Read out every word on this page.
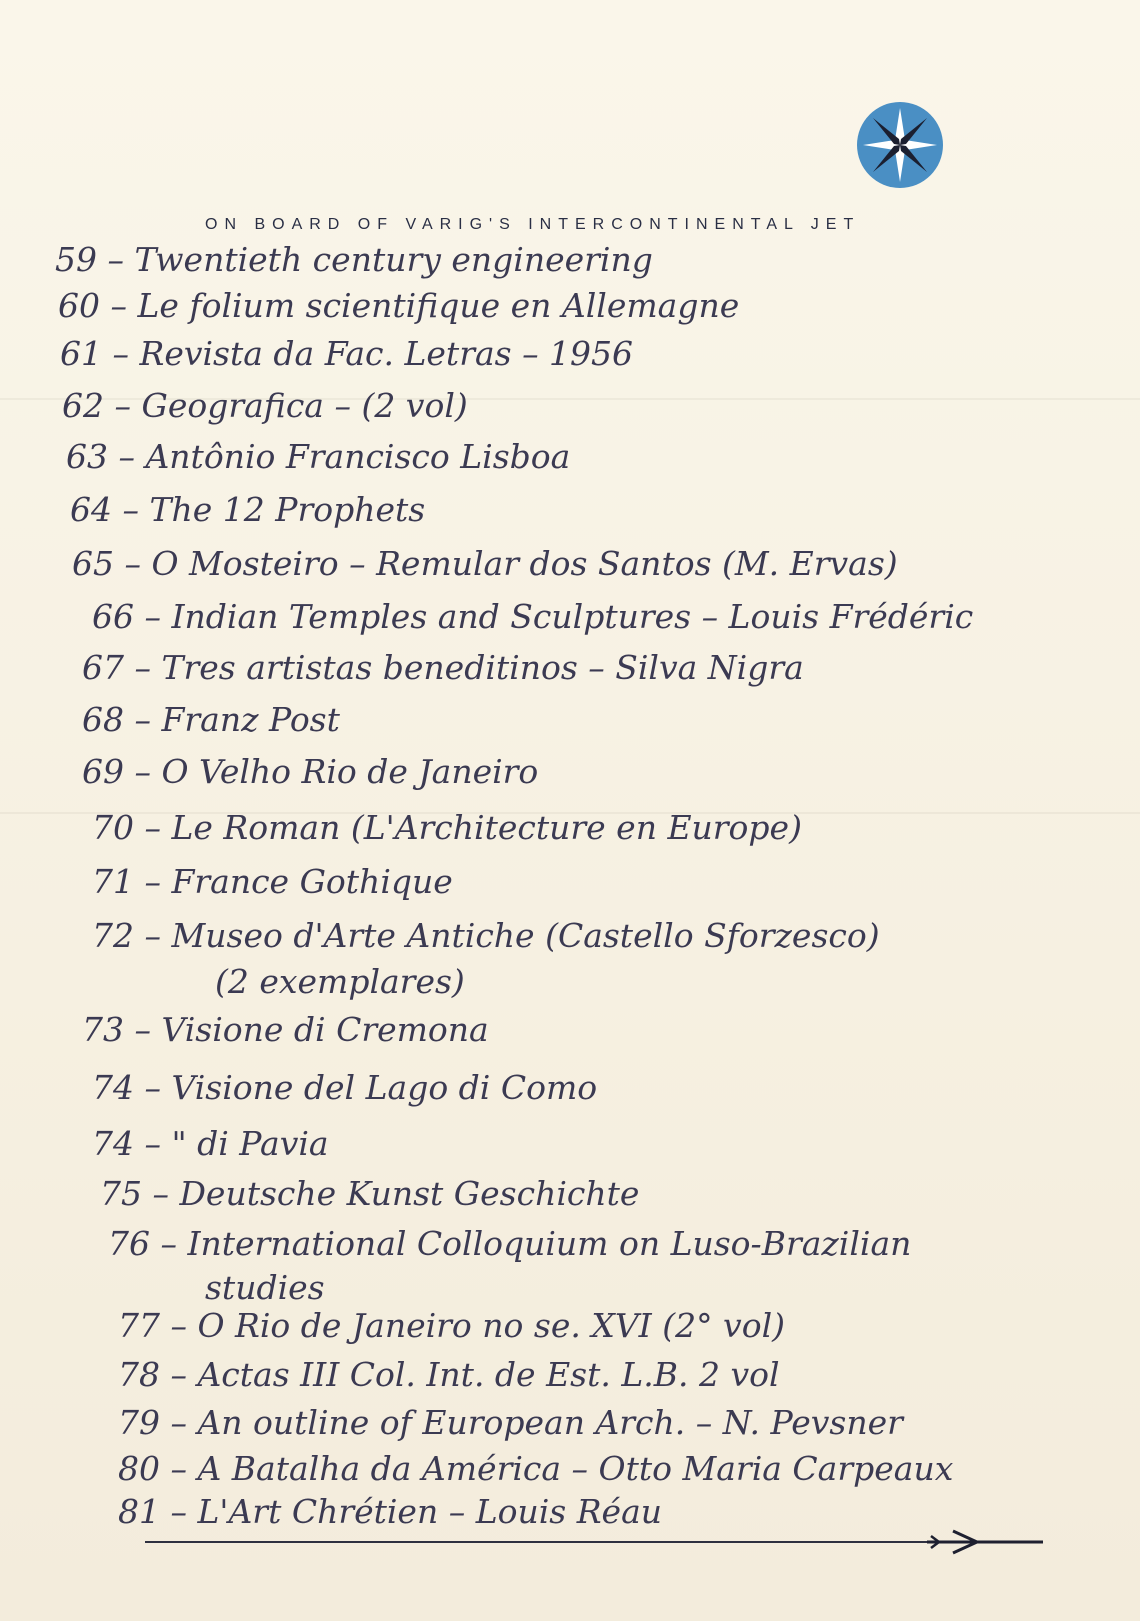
ON BOARD OF VARIG'S INTERCONTINENTAL JET
59 – Twentieth century engineering
60 – Le folium scientifique en Allemagne
61 – Revista da Fac. Letras – 1956
62 – Geografica – (2 vol)
63 – Antônio Francisco Lisboa
64 – The 12 Prophets
65 – O Mosteiro – Remular dos Santos (M. Ervas)
66 – Indian Temples and Sculptures – Louis Frédéric
67 – Tres artistas beneditinos – Silva Nigra
68 – Franz Post
69 – O Velho Rio de Janeiro
70 – Le Roman (L'Architecture en Europe)
71 – France Gothique
72 – Museo d'Arte Antiche (Castello Sforzesco)
(2 exemplares)
73 – Visione di Cremona
74 – Visione del Lago di Como
74 – " di Pavia
75 – Deutsche Kunst Geschichte
76 – International Colloquium on Luso-Brazilian
studies
77 – O Rio de Janeiro no se. XVI (2° vol)
78 – Actas III Col. Int. de Est. L.B. 2 vol
79 – An outline of European Arch. – N. Pevsner
80 – A Batalha da América – Otto Maria Carpeaux
81 – L'Art Chrétien – Louis Réau
